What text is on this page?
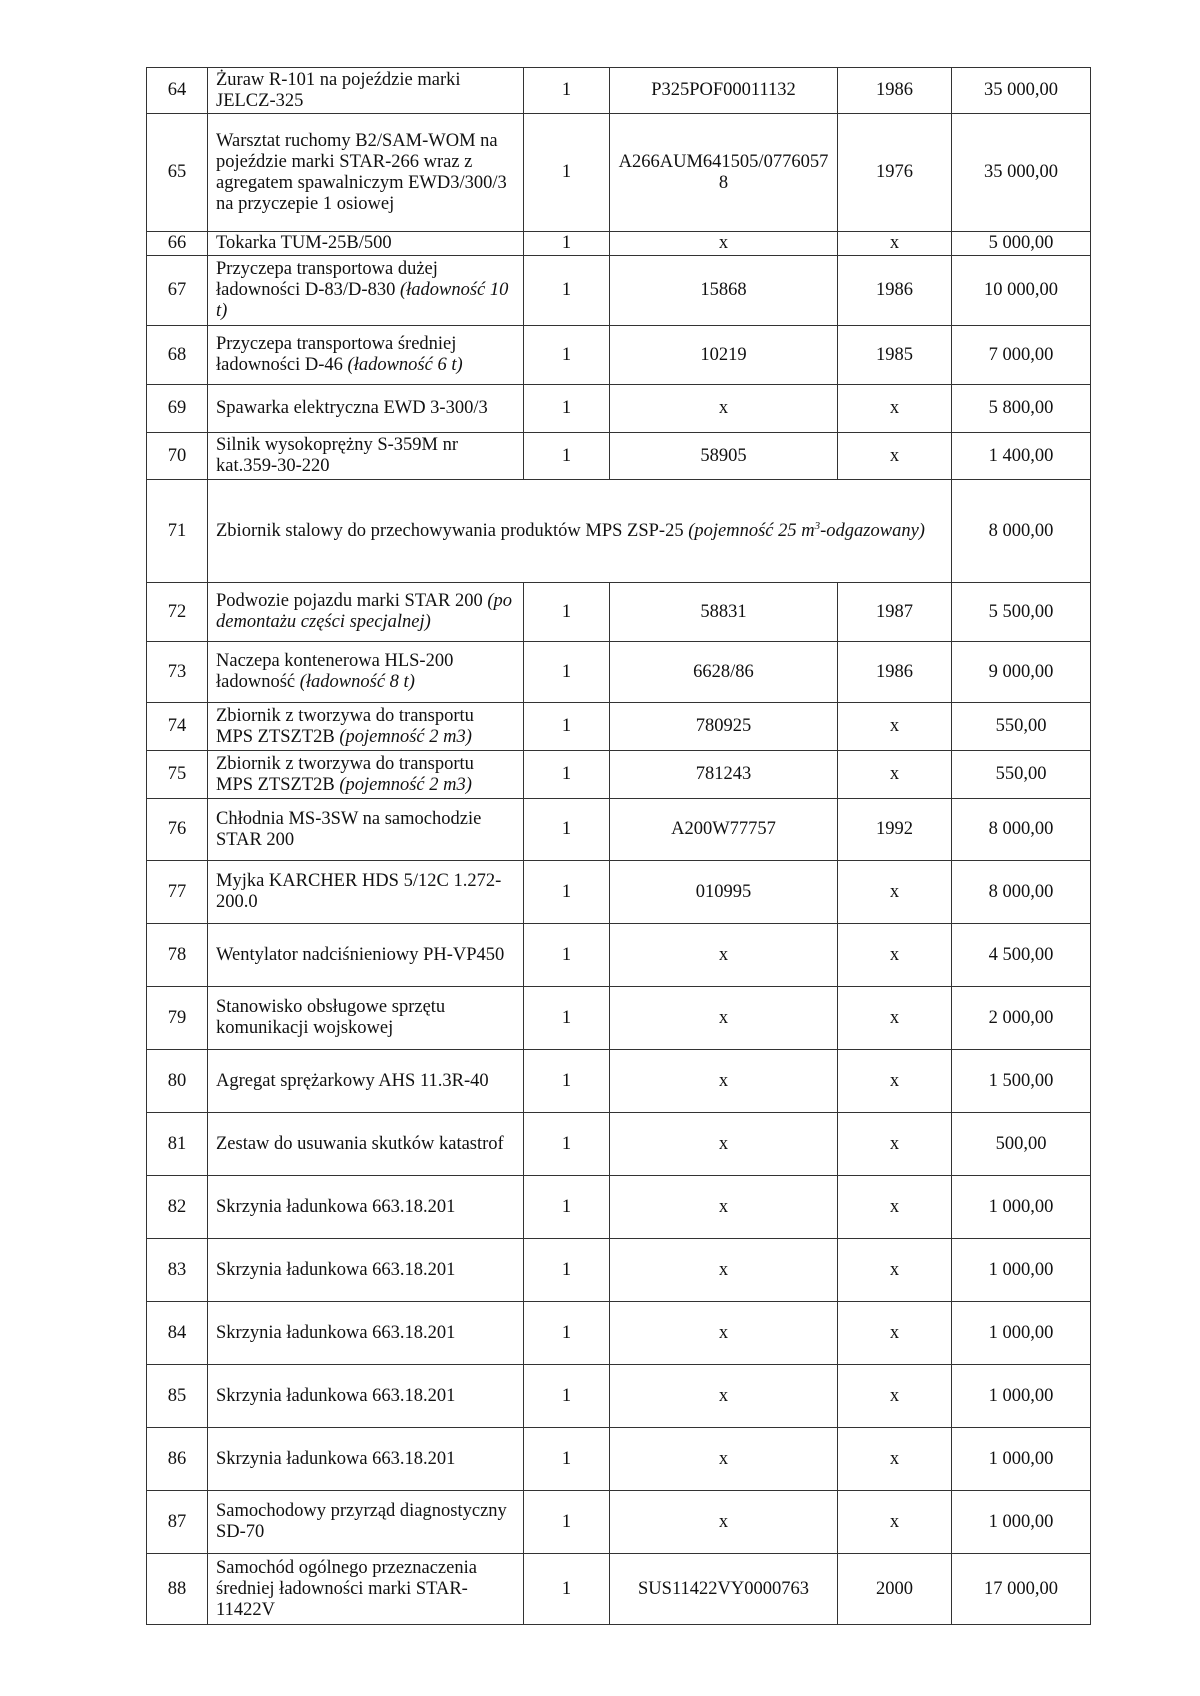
64	Żuraw R-101 na pojeździe marki JELCZ-325	1	P325POF00011132	1986	35 000,00
65	Warsztat ruchomy B2/SAM-WOM na pojeździe marki STAR-266 wraz z agregatem spawalniczym EWD3/300/3 na przyczepie 1 osiowej	1	A266AUM641505/07760578	1976	35 000,00
66	Tokarka TUM-25B/500	1	x	x	5 000,00
67	Przyczepa transportowa dużej ładowności D-83/D-830 (ładowność 10 t)	1	15868	1986	10 000,00
68	Przyczepa transportowa średniej ładowności D-46 (ładowność 6 t)	1	10219	1985	7 000,00
69	Spawarka elektryczna EWD 3-300/3	1	x	x	5 800,00
70	Silnik wysokoprężny S-359M nr kat.359-30-220	1	58905	x	1 400,00
71	Zbiornik stalowy do przechowywania produktów MPS ZSP-25 (pojemność 25 $m^3-odgazowany$)				8 000,00
72	Podwozie pojazdu marki STAR 200 (po demontażu części specjalnej)	1	58831	1987	5 500,00
73	Naczepa kontenerowa HLS-200 ładowność (ładowność 8 t)	1	6628/86	1986	9 000,00
74	Zbiornik z tworzywa do transportu MPS ZTSZT2B (pojemność 2 m3)	1	780925	x	550,00
75	Zbiornik z tworzywa do transportu MPS ZTSZT2B (pojemność 2 m3)	1	781243	x	550,00
76	Chłodnia MS-3SW na samochodzie STAR 200	1	A200W77757	1992	8 000,00
77	Myjka KARCHER HDS 5/12C 1.272-200.0	1	010995	x	8 000,00
78	Wentylator nadciśnieniowy PH-VP450	1	x	x	4 500,00
79	Stanowisko obsługowe sprzętu komunikacji wojskowej	1	x	x	2 000,00
80	Agregat sprężarkowy AHS 11.3R-40	1	x	x	1 500,00
81	Zestaw do usuwania skutków katastrof	1	x	x	500,00
82	Skrzynia ładunkowa 663.18.201	1	x	x	1 000,00
83	Skrzynia ładunkowa 663.18.201	1	x	x	1 000,00
84	Skrzynia ładunkowa 663.18.201	1	x	x	1 000,00
85	Skrzynia ładunkowa 663.18.201	1	x	x	1 000,00
86	Skrzynia ładunkowa 663.18.201	1	x	x	1 000,00
87	Samochodowy przyrząd diagnostyczny SD-70	1	x	x	1 000,00
88	Samochód ogólnego przeznaczenia średniej ładowności marki STAR-11422V	1	SUS11422VY0000763	2000	17 000,00
